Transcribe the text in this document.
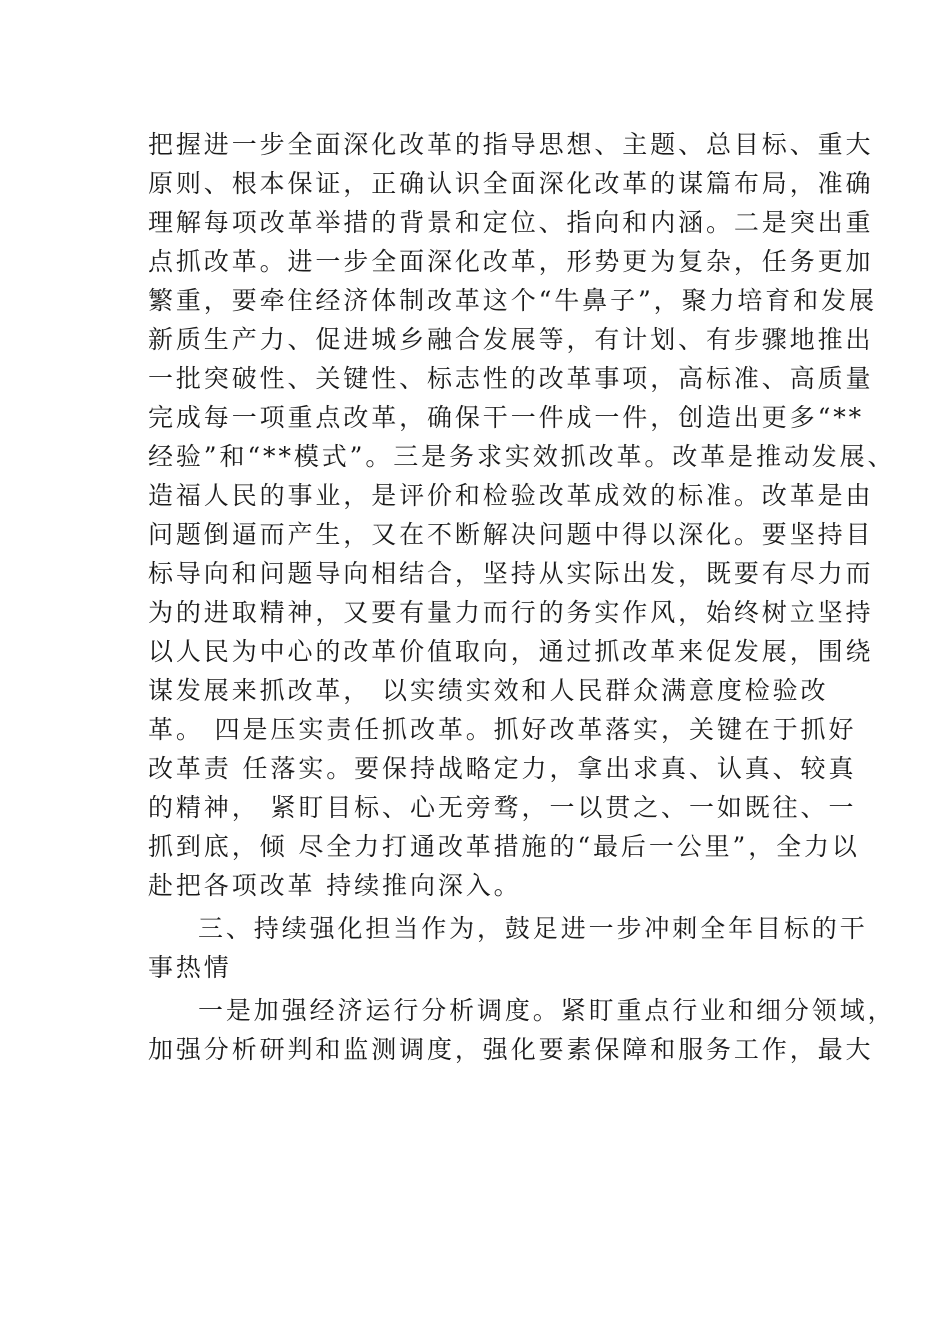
把握进一步全面深化改革的指导思想、主题、总目标、重大
原则、根本保证，正确认识全面深化改革的谋篇布局，准确
理解每项改革举措的背景和定位、指向和内涵。二是突出重
点抓改革。进一步全面深化改革，形势更为复杂，任务更加
繁重，要牵住经济体制改革这个“牛鼻子”，聚力培育和发展
新质生产力、促进城乡融合发展等，有计划、有步骤地推出
一批突破性、关键性、标志性的改革事项，高标准、高质量
完成每一项重点改革，确保干一件成一件，创造出更多“**
经验”和“**模式”。三是务求实效抓改革。改革是推动发展、
造福人民的事业，是评价和检验改革成效的标准。改革是由
问题倒逼而产生，又在不断解决问题中得以深化。要坚持目
标导向和问题导向相结合，坚持从实际出发，既要有尽力而
为的进取精神，又要有量力而行的务实作风，始终树立坚持
以人民为中心的改革价值取向，通过抓改革来促发展，围绕
谋发展来抓改革， 以实绩实效和人民群众满意度检验改
革。 四是压实责任抓改革。抓好改革落实，关键在于抓好
改革责 任落实。要保持战略定力，拿出求真、认真、较真
的精神， 紧盯目标、心无旁骛，一以贯之、一如既往、一
抓到底，倾 尽全力打通改革措施的“最后一公里”，全力以
赴把各项改革 持续推向深入。
三、持续强化担当作为，鼓足进一步冲刺全年目标的干
事热情
一是加强经济运行分析调度。紧盯重点行业和细分领域，
加强分析研判和监测调度，强化要素保障和服务工作，最大
